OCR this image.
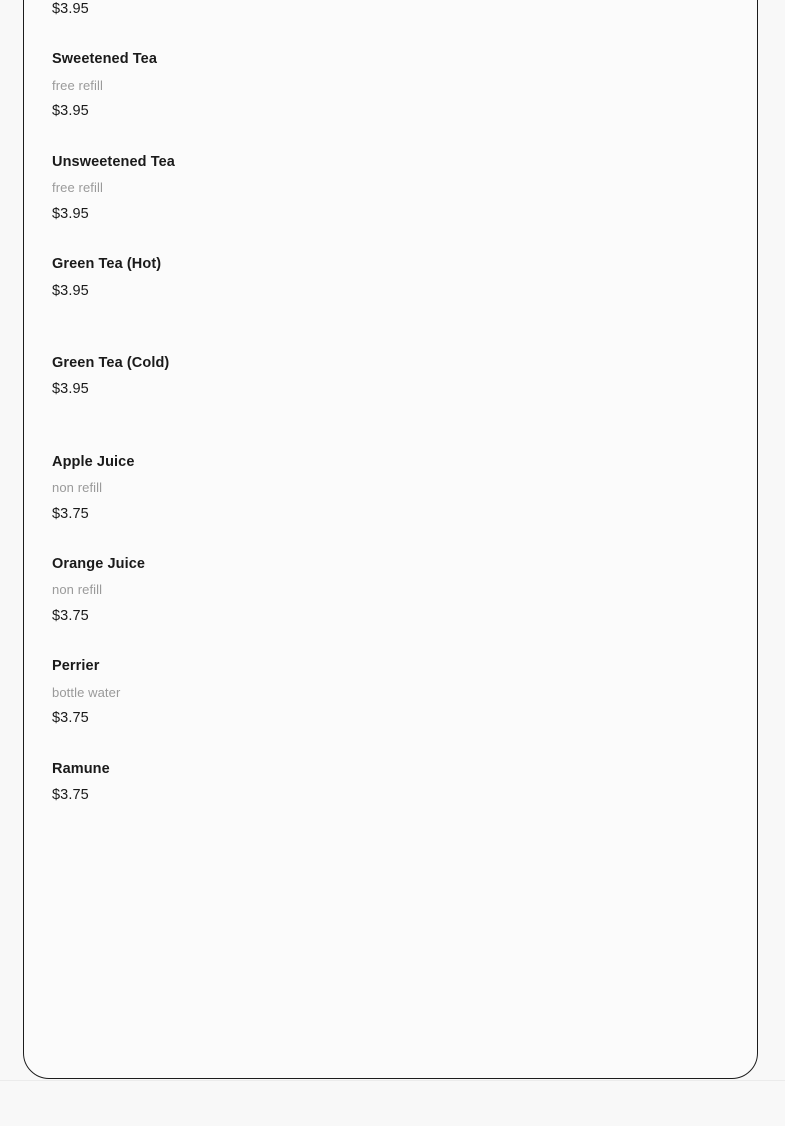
$3.95
Sweetened Tea
free refill
$3.95
Unsweetened Tea
free refill
$3.95
Green Tea (Hot)
$3.95
Green Tea (Cold)
$3.95
Apple Juice
non refill
$3.75
Orange Juice
non refill
$3.75
Perrier
bottle water
$3.75
Ramune
$3.75
